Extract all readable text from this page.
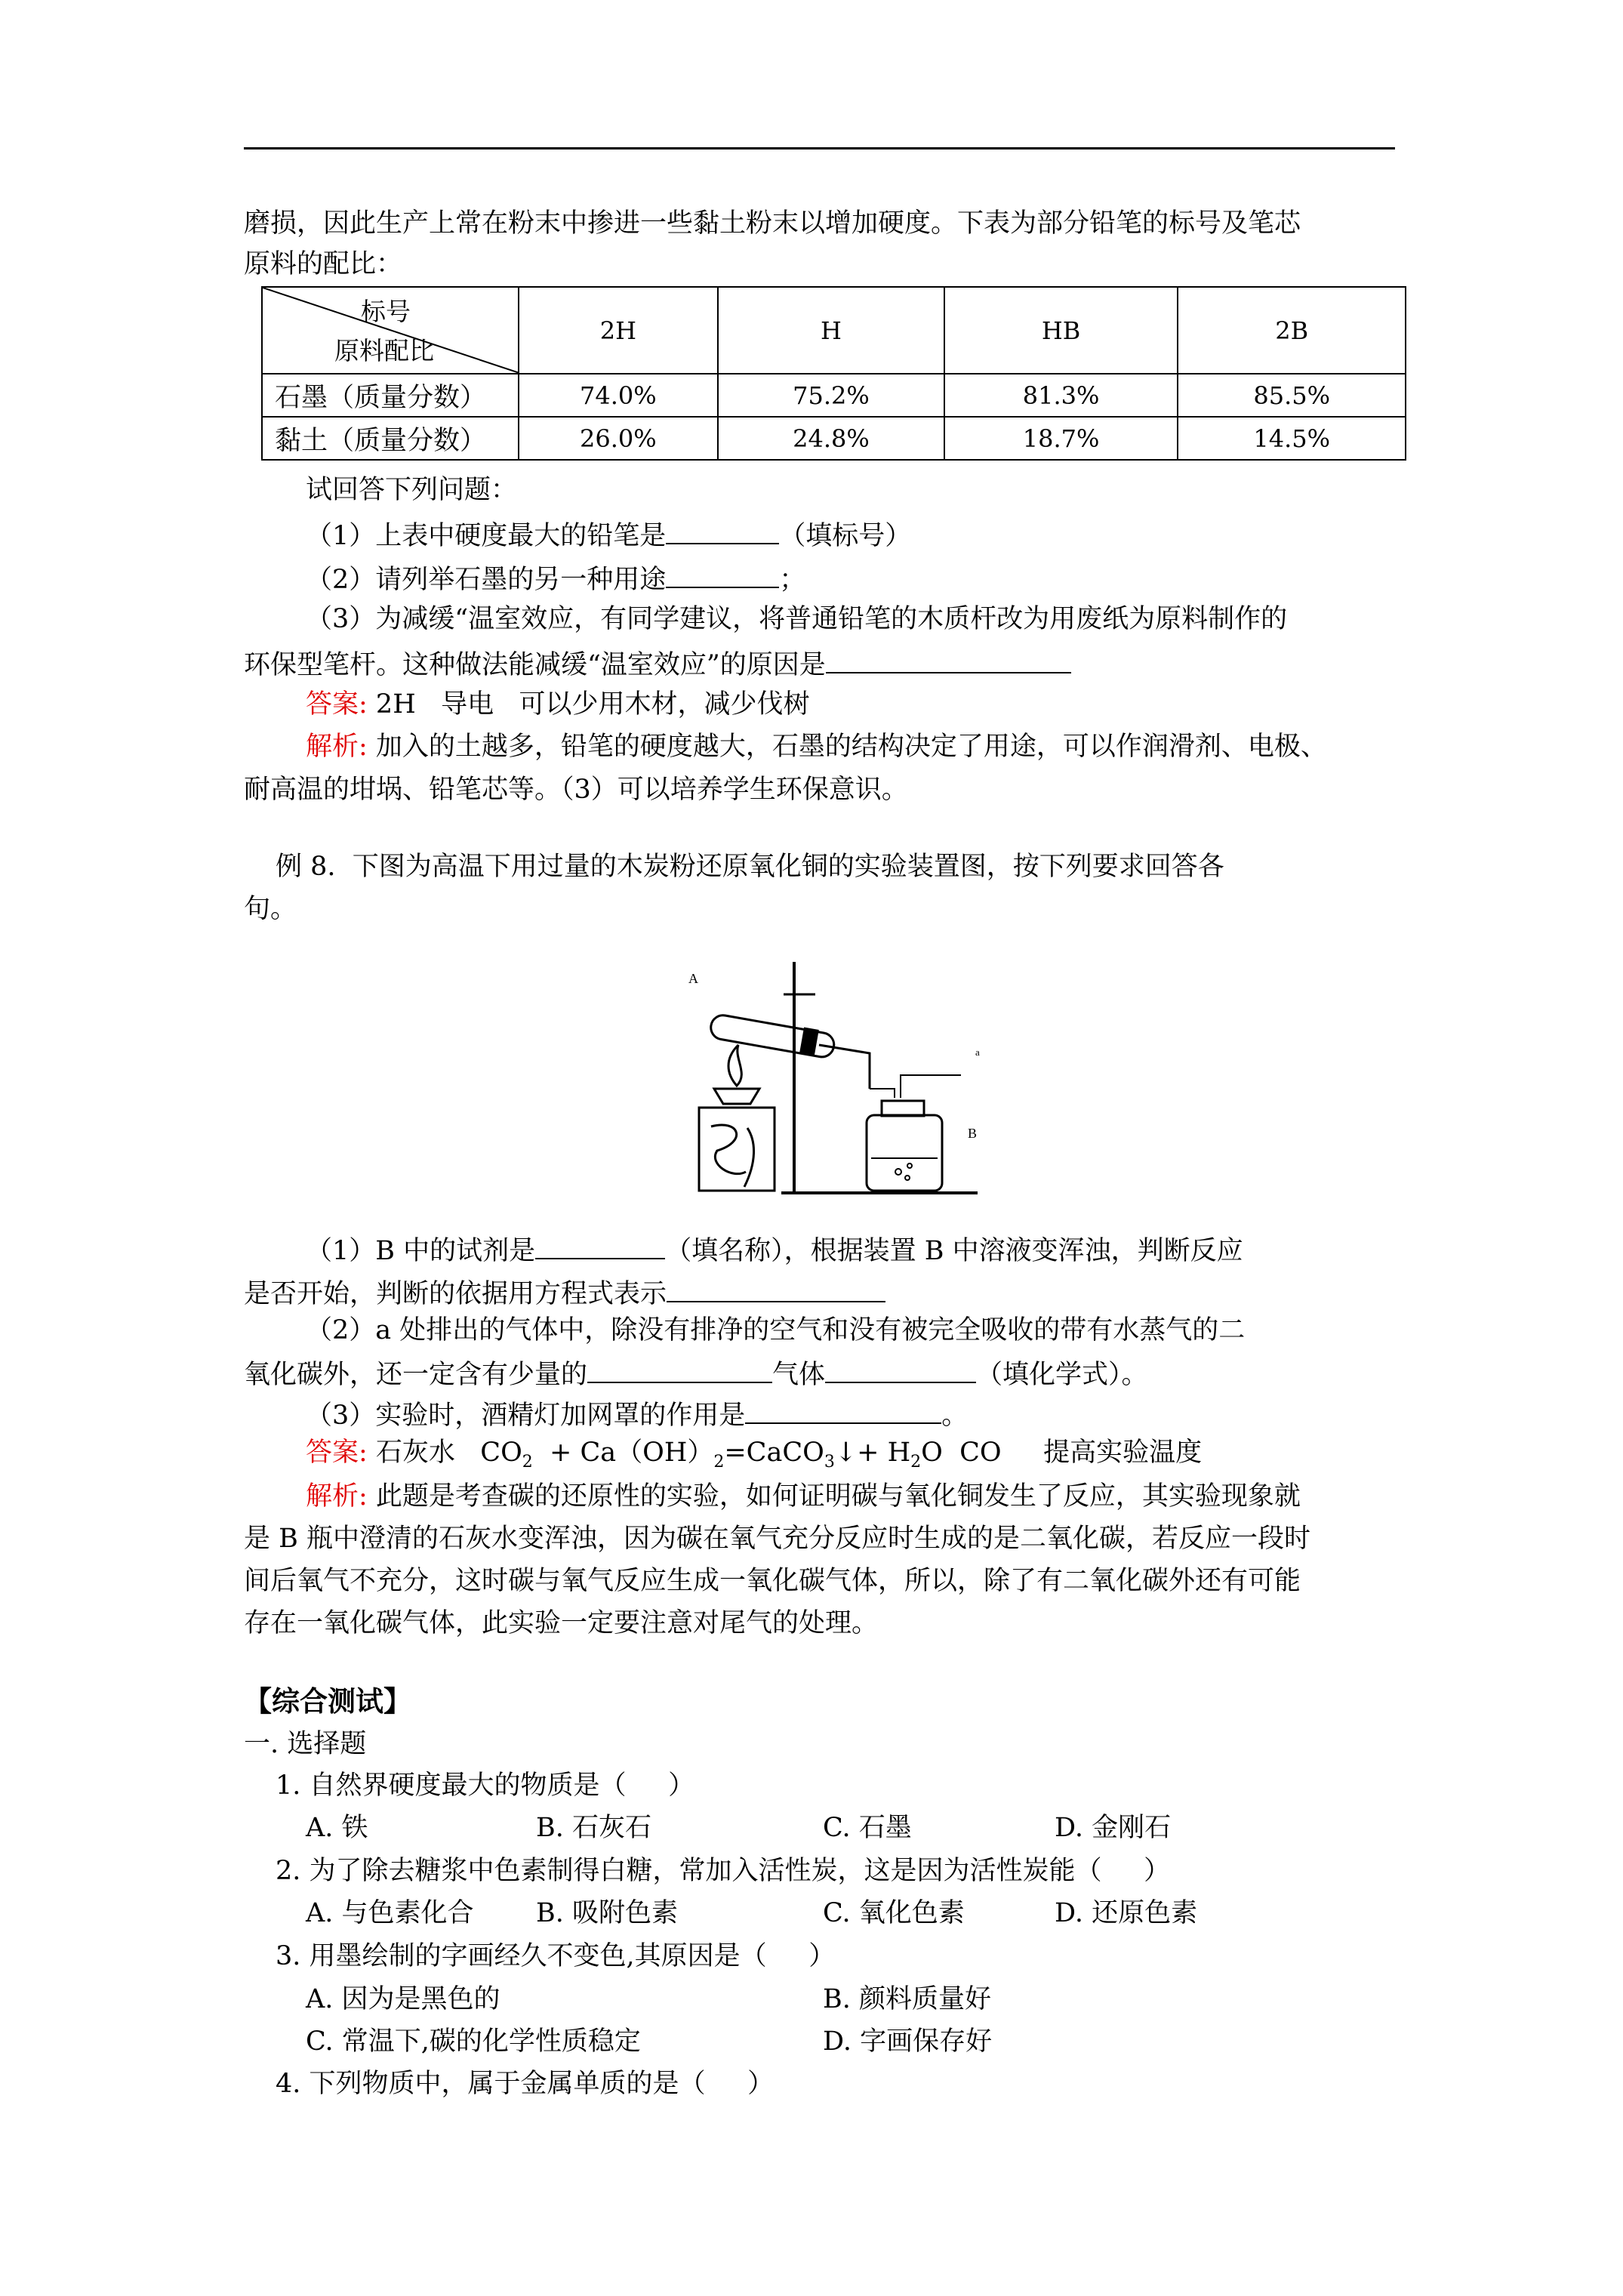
磨损，因此生产上常在粉末中掺进一些黏土粉末以增加硬度。下表为部分铅笔的标号及笔芯
原料的配比：
标号
原料配比	2H	H	HB	2B
石墨（质量分数）	74.0%	75.2%	81.3%	85.5%
黏土（质量分数）	26.0%	24.8%	18.7%	14.5%
试回答下列问题：
（1）上表中硬度最大的铅笔是	（填标号）
（2）请列举石墨的另一种用途	；
（3）为减缓“温室效应，有同学建议，将普通铅笔的木质杆改为用废纸为原料制作的
环保型笔杆。这种做法能减缓“温室效应”的原因是
答案: 2H   导电   可以少用木材，减少伐树
解析: 加入的土越多，铅笔的硬度越大，石墨的结构决定了用途，可以作润滑剂、电极、
耐高温的坩埚、铅笔芯等。（3）可以培养学生环保意识。
例 8.  下图为高温下用过量的木炭粉还原氧化铜的实验装置图，按下列要求回答各
句。
A
B
a
（1）B 中的试剂是	（填名称），根据装置 B 中溶液变浑浊，判断反应
是否开始，判断的依据用方程式表示
（2）a 处排出的气体中，除没有排净的空气和没有被完全吸收的带有水蒸气的二
氧化碳外，还一定含有少量的	气体	（填化学式）。
（3）实验时，酒精灯加网罩的作用是	。
答案: 石灰水   $CO_2$  + $Ca(OH)_2=CaCO_3↓+ H_2O$  CO     提高实验温度
解析: 此题是考查碳的还原性的实验，如何证明碳与氧化铜发生了反应，其实验现象就
是 B 瓶中澄清的石灰水变浑浊，因为碳在氧气充分反应时生成的是二氧化碳，若反应一段时
间后氧气不充分，这时碳与氧气反应生成一氧化碳气体，所以，除了有二氧化碳外还有可能
存在一氧化碳气体，此实验一定要注意对尾气的处理。
【综合测试】
一. 选择题
1. 自然界硬度最大的物质是（     ）
A. 铁	B. 石灰石	C. 石墨	D. 金刚石
2. 为了除去糖浆中色素制得白糖，常加入活性炭，这是因为活性炭能（     ）
A. 与色素化合 B. 吸附色素	C. 氧化色素	D. 还原色素
3. 用墨绘制的字画经久不变色,其原因是（     ）
A. 因为是黑色的	B. 颜料质量好
C. 常温下,碳的化学性质稳定	D. 字画保存好
4. 下列物质中，属于金属单质的是（     ）
